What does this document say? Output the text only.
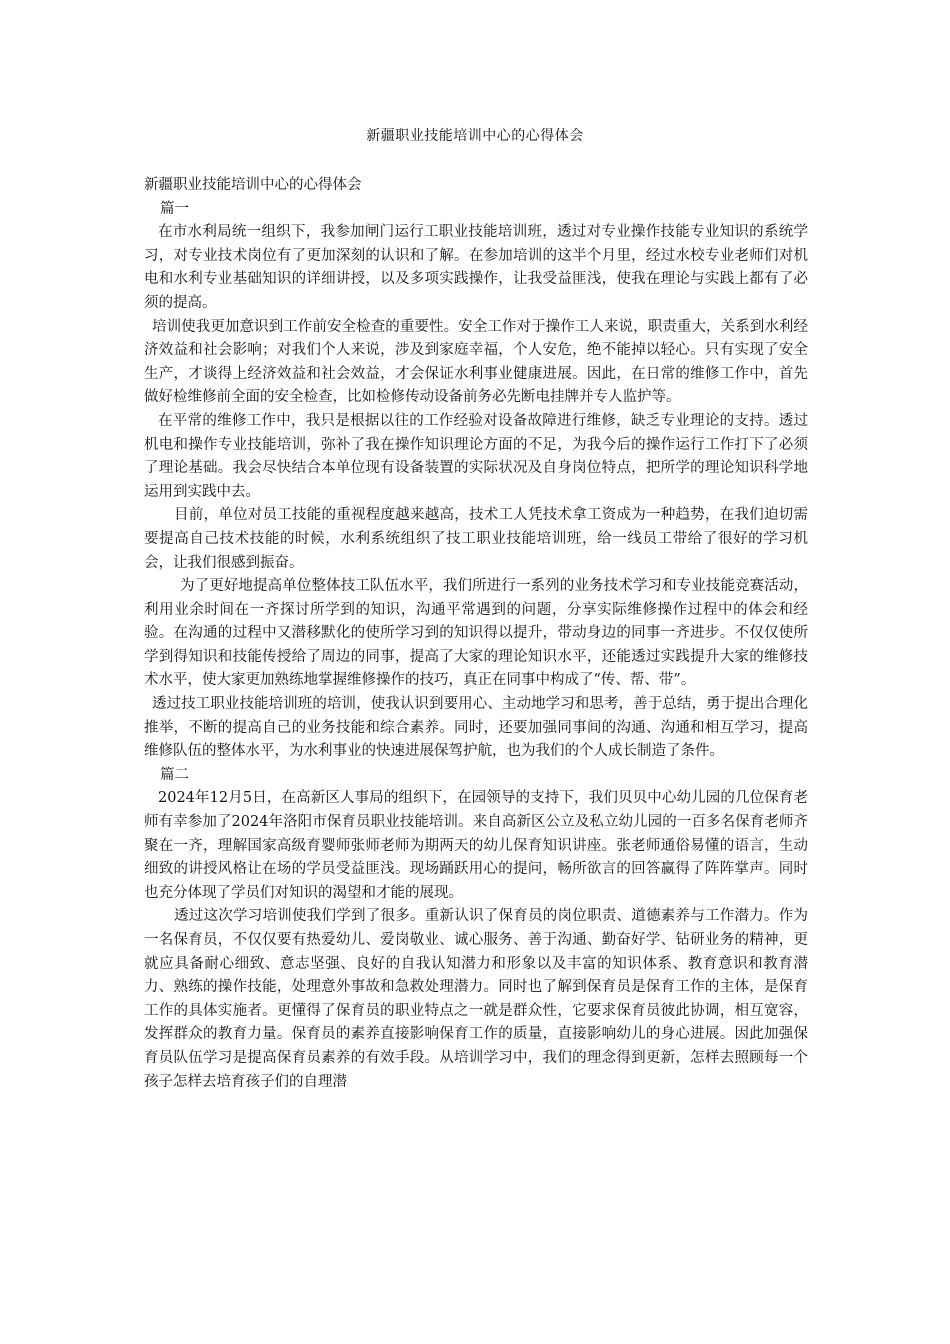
新疆职业技能培训中心的心得体会

新疆职业技能培训中心的心得体会

篇一

在市水利局统一组织下，我参加闸门运行工职业技能培训班，透过对专业操作技能专业知识的系统学习，对专业技术岗位有了更加深刻的认识和了解。在参加培训的这半个月里，经过水校专业老师们对机电和水利专业基础知识的详细讲授，以及多项实践操作，让我受益匪浅，使我在理论与实践上都有了必须的提高。

培训使我更加意识到工作前安全检查的重要性。安全工作对于操作工人来说，职责重大，关系到水利经济效益和社会影响；对我们个人来说，涉及到家庭幸福，个人安危，绝不能掉以轻心。只有实现了安全生产，才谈得上经济效益和社会效益，才会保证水利事业健康进展。因此，在日常的维修工作中，首先做好检维修前全面的安全检查，比如检修传动设备前务必先断电挂牌并专人监护等。

在平常的维修工作中，我只是根据以往的工作经验对设备故障进行维修，缺乏专业理论的支持。透过机电和操作专业技能培训，弥补了我在操作知识理论方面的不足，为我今后的操作运行工作打下了必须了理论基础。我会尽快结合本单位现有设备装置的实际状况及自身岗位特点，把所学的理论知识科学地运用到实践中去。

目前，单位对员工技能的重视程度越来越高，技术工人凭技术拿工资成为一种趋势，在我们迫切需要提高自己技术技能的时候，水利系统组织了技工职业技能培训班，给一线员工带给了很好的学习机会，让我们很感到振奋。

为了更好地提高单位整体技工队伍水平，我们所进行一系列的业务技术学习和专业技能竞赛活动，利用业余时间在一齐探讨所学到的知识，沟通平常遇到的问题，分享实际维修操作过程中的体会和经验。在沟通的过程中又潜移默化的使所学习到的知识得以提升，带动身边的同事一齐进步。不仅仅使所学到得知识和技能传授给了周边的同事，提高了大家的理论知识水平，还能透过实践提升大家的维修技术水平，使大家更加熟练地掌握维修操作的技巧，真正在同事中构成了“传、帮、带”。

透过技工职业技能培训班的培训，使我认识到要用心、主动地学习和思考，善于总结，勇于提出合理化推举，不断的提高自己的业务技能和综合素养。同时，还要加强同事间的沟通、沟通和相互学习，提高维修队伍的整体水平，为水利事业的快速进展保驾护航，也为我们的个人成长制造了条件。

篇二

2024年12月5日，在高新区人事局的组织下，在园领导的支持下，我们贝贝中心幼儿园的几位保育老师有幸参加了2024年洛阳市保育员职业技能培训。来自高新区公立及私立幼儿园的一百多名保育老师齐聚在一齐，理解国家高级育婴师张师老师为期两天的幼儿保育知识讲座。张老师通俗易懂的语言，生动细致的讲授风格让在场的学员受益匪浅。现场踊跃用心的提问，畅所欲言的回答赢得了阵阵掌声。同时也充分体现了学员们对知识的渴望和才能的展现。

透过这次学习培训使我们学到了很多。重新认识了保育员的岗位职责、道德素养与工作潜力。作为一名保育员，不仅仅要有热爱幼儿、爱岗敬业、诚心服务、善于沟通、勤奋好学、钻研业务的精神，更就应具备耐心细致、意志坚强、良好的自我认知潜力和形象以及丰富的知识体系、教育意识和教育潜力、熟练的操作技能，处理意外事故和急救处理潜力。同时也了解到保育员是保育工作的主体，是保育工作的具体实施者。更懂得了保育员的职业特点之一就是群众性，它要求保育员彼此协调，相互宽容，发挥群众的教育力量。保育员的素养直接影响保育工作的质量，直接影响幼儿的身心进展。因此加强保育员队伍学习是提高保育员素养的有效手段。从培训学习中，我们的理念得到更新，怎样去照顾每一个孩子怎样去培育孩子们的自理潜
